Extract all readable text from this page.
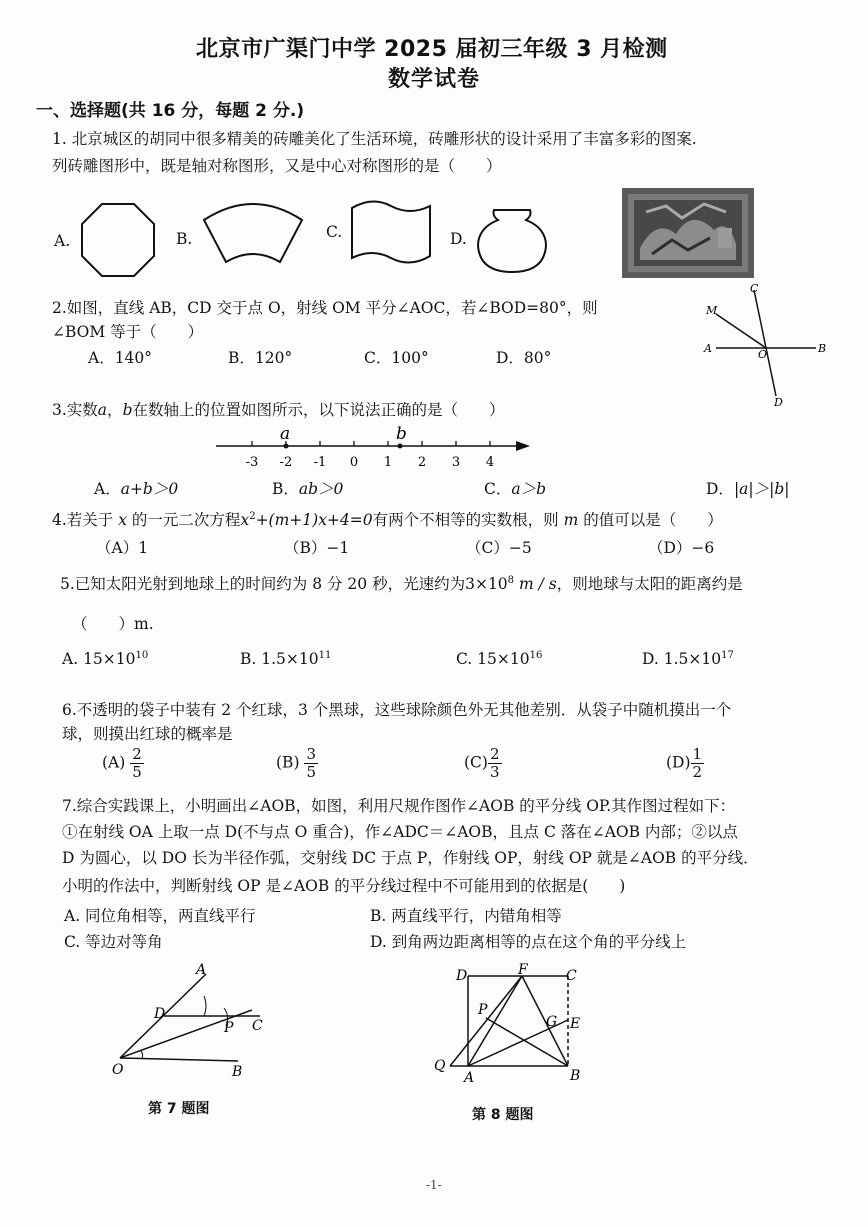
北京市广渠门中学 2025 届初三年级 3 月检测
数学试卷
一、选择题(共 16 分，每题 2 分.)
1. 北京城区的胡同中很多精美的砖雕美化了生活环境，砖雕形状的设计采用了丰富多彩的图案.
列砖雕图形中，既是轴对称图形，又是中心对称图形的是（　　）
A.	B.	C.	D.
2.如图，直线 AB，CD 交于点 O，射线 OM 平分∠AOC，若∠BOD=80°，则
∠BOM 等于（　　）
A．140°	B．120°	C．100°	D．80°
C
M
A	O	B
D
3.实数a，b在数轴上的位置如图所示，以下说法正确的是（　　）
-3 -2 -1 0 1 2 3 4
a	b
A．a+b＞0	B．ab＞0	C．a＞b	D．|a|＞|b|
4.若关于 x 的一元二次方程$x^2+(m+1)x+4=0$有两个不相等的实数根，则 m 的值可以是（　　）
（A）1	（B）−1	（C）−5	（D）−6
5.已知太阳光射到地球上的时间约为 8 分 20 秒，光速约为$3\times 10^8$ m / s，则地球与太阳的距离约是
（　　）m.
A. $15\times 10^{10}$	B. $1.5\times 10^{11}$	C. $15\times 10^{16}$	D. $1.5\times 10^{17}$
6.不透明的袋子中装有 2 个红球，3 个黑球，这些球除颜色外无其他差别．从袋子中随机摸出一个
球，则摸出红球的概率是
$(A) \frac{2}{5}$	$(B) \frac{3}{5}$	$(C) \frac{2}{3}$	$(D) \frac{1}{2}$
7.综合实践课上，小明画出∠AOB，如图，利用尺规作图作∠AOB 的平分线 OP.其作图过程如下：
①在射线 OA 上取一点 D(不与点 O 重合)，作∠ADC＝∠AOB，且点 C 落在∠AOB 内部；②以点
D 为圆心，以 DO 长为半径作弧，交射线 DC 于点 P，作射线 OP，射线 OP 就是∠AOB 的平分线．
小明的作法中，判断射线 OP 是∠AOB 的平分线过程中不可能用到的依据是(　　)
A. 同位角相等，两直线平行	B. 两直线平行，内错角相等
C. 等边对等角	D. 到角两边距离相等的点在这个角的平分线上
A
D
P C
O	B
第 7 题图
D	F	C
P
G E
Q
A	B
第 8 题图
-1-
